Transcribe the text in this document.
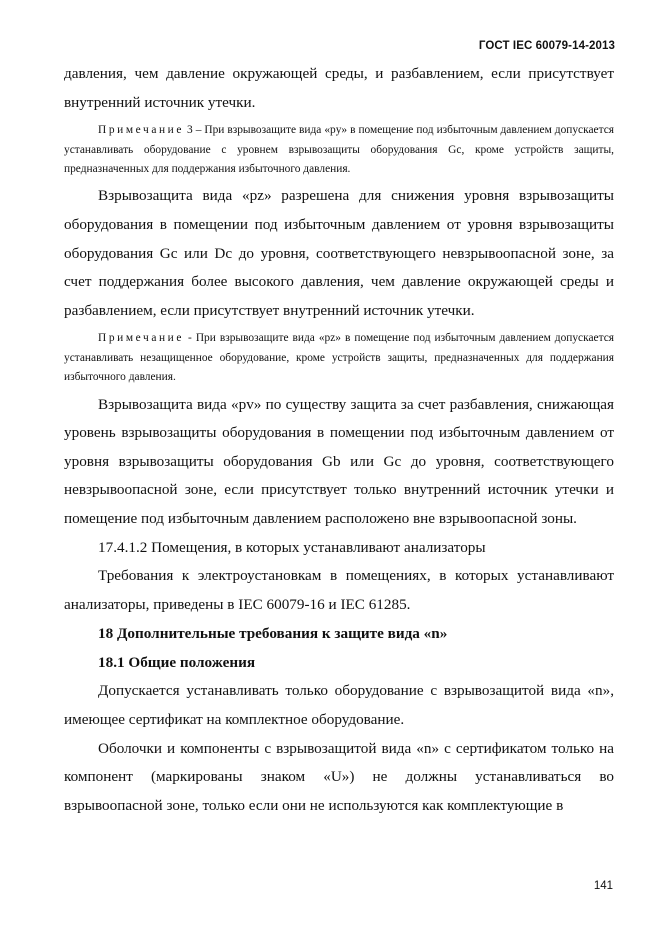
ГОСТ IEC 60079-14-2013

давления, чем давление окружающей среды, и разбавлением, если присутствует внутренний источник утечки.

Примечание 3 – При взрывозащите вида «py» в помещение под избыточным давлением допускается устанавливать оборудование с уровнем взрывозащиты оборудования Gc, кроме устройств защиты, предназначенных для поддержания избыточного давления.

Взрывозащита вида «pz» разрешена для снижения уровня взрывозащиты оборудования в помещении под избыточным давлением от уровня взрывозащиты оборудования Gc или Dc до уровня, соответствующего невзрывоопасной зоне, за счет поддержания более высокого давления, чем давление окружающей среды и разбавлением, если присутствует внутренний источник утечки.

Примечание - При взрывозащите вида «pz» в помещение под избыточным давлением допускается устанавливать незащищенное оборудование, кроме устройств защиты, предназначенных для поддержания избыточного давления.

Взрывозащита вида «pv» по существу защита за счет разбавления, снижающая уровень взрывозащиты оборудования в помещении под избыточным давлением от уровня взрывозащиты оборудования Gb или Gc до уровня, соответствующего невзрывоопасной зоне, если присутствует только внутренний источник утечки и помещение под избыточным давлением расположено вне взрывоопасной зоны.

17.4.1.2 Помещения, в которых устанавливают анализаторы

Требования к электроустановкам в помещениях, в которых устанавливают анализаторы, приведены в IEC 60079-16 и IEC 61285.

18 Дополнительные требования к защите вида «n»
18.1 Общие положения

Допускается устанавливать только оборудование с взрывозащитой вида «n», имеющее сертификат на комплектное оборудование.

Оболочки и компоненты с взрывозащитой вида «n» с сертификатом только на компонент (маркированы знаком «U») не должны устанавливаться во взрывоопасной зоне, только если они не используются как комплектующие в

141
